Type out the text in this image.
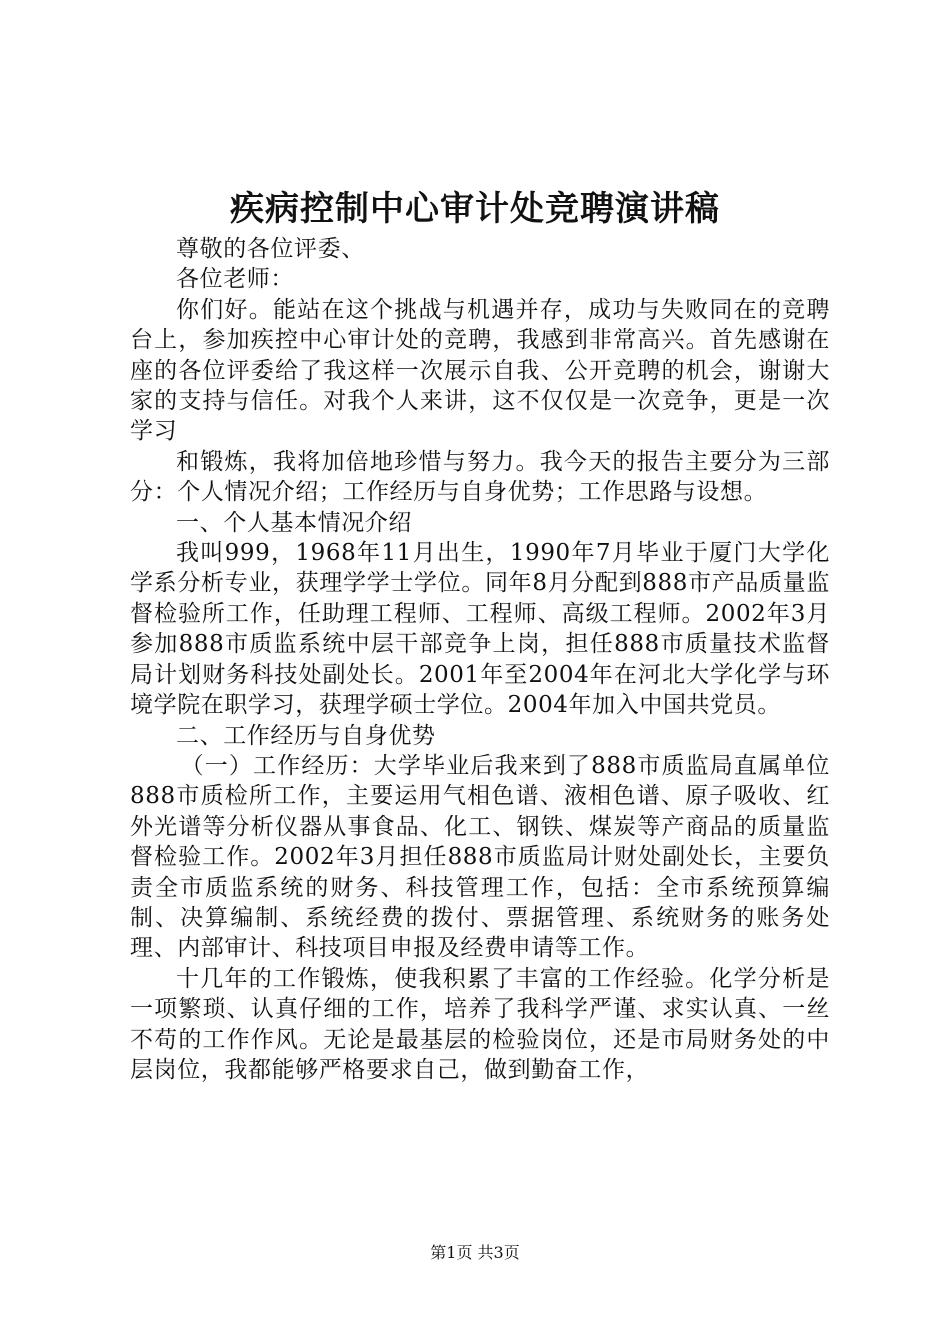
疾病控制中心审计处竞聘演讲稿

尊敬的各位评委、

各位老师：

你们好。能站在这个挑战与机遇并存，成功与失败同在的竞聘台上，参加疾控中心审计处的竞聘，我感到非常高兴。首先感谢在座的各位评委给了我这样一次展示自我、公开竞聘的机会，谢谢大家的支持与信任。对我个人来讲，这不仅仅是一次竞争，更是一次学习

和锻炼，我将加倍地珍惜与努力。我今天的报告主要分为三部分：个人情况介绍；工作经历与自身优势；工作思路与设想。

一、个人基本情况介绍

我叫999，1968年11月出生，1990年7月毕业于厦门大学化学系分析专业，获理学学士学位。同年8月分配到888市产品质量监督检验所工作，任助理工程师、工程师、高级工程师。2002年3月参加888市质监系统中层干部竞争上岗，担任888市质量技术监督局计划财务科技处副处长。2001年至2004年在河北大学化学与环境学院在职学习，获理学硕士学位。2004年加入中国共党员。

二、工作经历与自身优势

（一）工作经历：大学毕业后我来到了888市质监局直属单位888市质检所工作，主要运用气相色谱、液相色谱、原子吸收、红外光谱等分析仪器从事食品、化工、钢铁、煤炭等产商品的质量监督检验工作。2002年3月担任888市质监局计财处副处长，主要负责全市质监系统的财务、科技管理工作，包括：全市系统预算编制、决算编制、系统经费的拨付、票据管理、系统财务的账务处理、内部审计、科技项目申报及经费申请等工作。

十几年的工作锻炼，使我积累了丰富的工作经验。化学分析是一项繁琐、认真仔细的工作，培养了我科学严谨、求实认真、一丝不苟的工作作风。无论是最基层的检验岗位，还是市局财务处的中层岗位，我都能够严格要求自己，做到勤奋工作，

第1页 共3页
